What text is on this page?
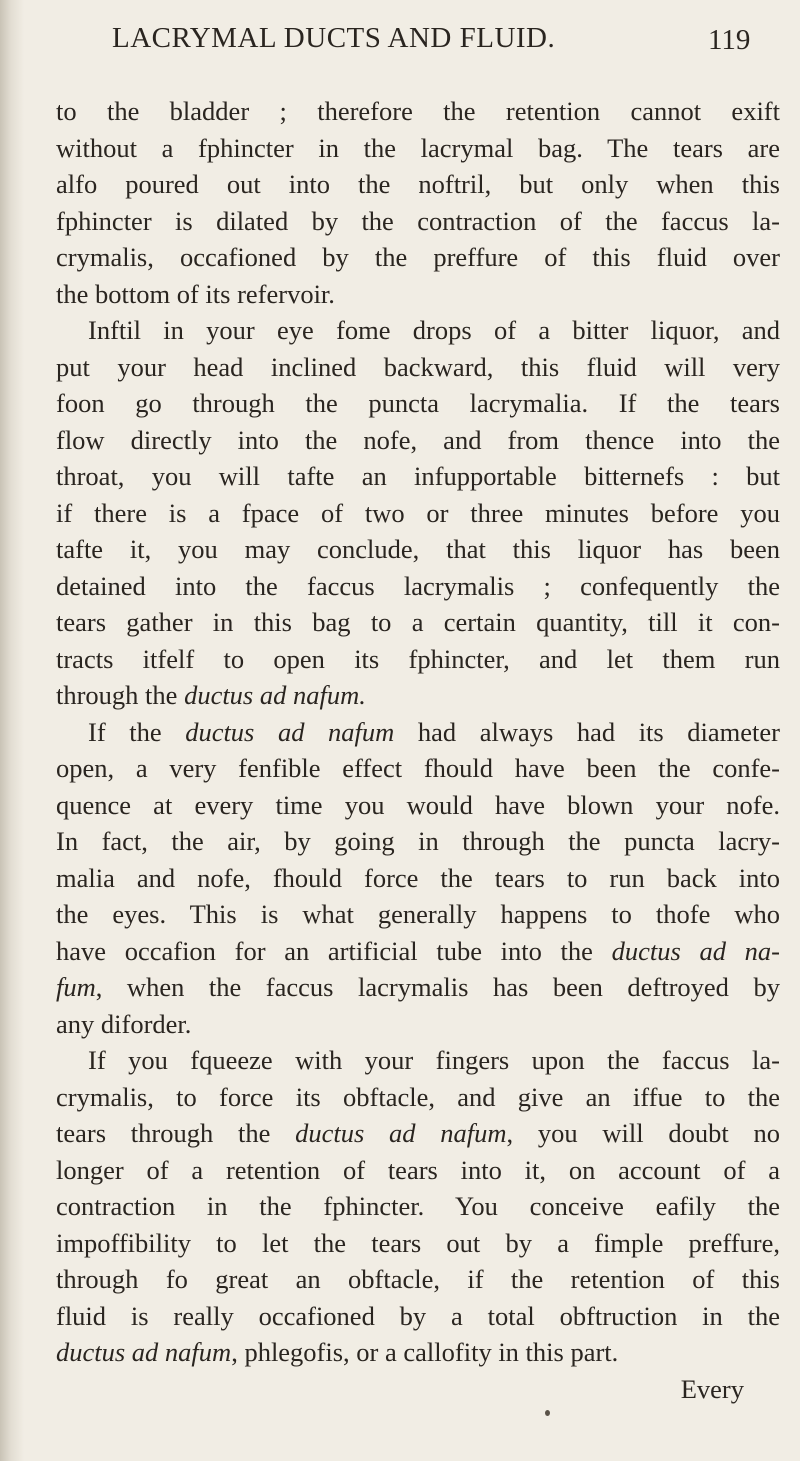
LACRYMAL DUCTS AND FLUID.	119

to the bladder ; therefore the retention cannot exift

without a fphincter in the lacrymal bag. The tears are

alfo poured out into the noftril, but only when this

fphincter is dilated by the contraction of the faccus la-

crymalis, occafioned by the preffure of this fluid over

the bottom of its refervoir.

Inftil in your eye fome drops of a bitter liquor, and

put your head inclined backward, this fluid will very

foon go through the puncta lacrymalia. If the tears

flow directly into the nofe, and from thence into the

throat, you will tafte an infupportable bitternefs : but

if there is a fpace of two or three minutes before you

tafte it, you may conclude, that this liquor has been

detained into the faccus lacrymalis ; confequently the

tears gather in this bag to a certain quantity, till it con-

tracts itfelf to open its fphincter, and let them run

through the ductus ad nafum.

If the ductus ad nafum had always had its diameter

open, a very fenfible effect fhould have been the confe-

quence at every time you would have blown your nofe.

In fact, the air, by going in through the puncta lacry-

malia and nofe, fhould force the tears to run back into

the eyes. This is what generally happens to thofe who

have occafion for an artificial tube into the ductus ad na-

fum, when the faccus lacrymalis has been deftroyed by

any diforder.

If you fqueeze with your fingers upon the faccus la-

crymalis, to force its obftacle, and give an iffue to the

tears through the ductus ad nafum, you will doubt no

longer of a retention of tears into it, on account of a

contraction in the fphincter. You conceive eafily the

impoffibility to let the tears out by a fimple preffure,

through fo great an obftacle, if the retention of this

fluid is really occafioned by a total obftruction in the

ductus ad nafum, phlegofis, or a callofity in this part.

Every
